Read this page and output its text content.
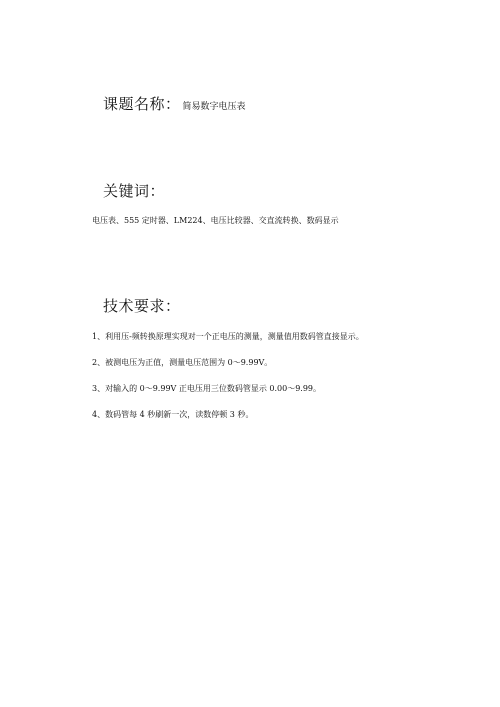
课题名称： 简易数字电压表
关键词：
电压表、555 定时器、LM224、电压比较器、交直流转换、数码显示
技术要求：
1、利用压-频转换原理实现对一个正电压的测量，测量值用数码管直接显示。
2、被测电压为正值，测量电压范围为 0～9.99V。
3、对输入的 0～9.99V 正电压用三位数码管显示 0.00～9.99。
4、数码管每 4 秒刷新一次，读数停顿 3 秒。
